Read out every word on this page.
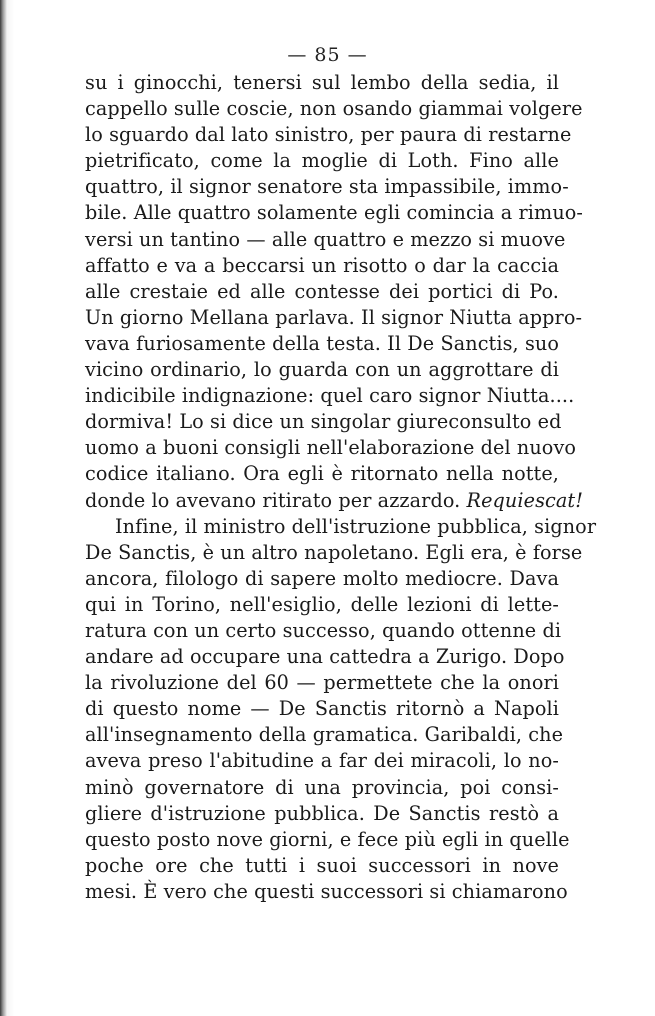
— 85 —
su i ginocchi, tenersi sul lembo della sedia, il
cappello sulle coscie, non osando giammai volgere
lo sguardo dal lato sinistro, per paura di restarne
pietrificato, come la moglie di Loth. Fino alle
quattro, il signor senatore sta impassibile, immo-
bile. Alle quattro solamente egli comincia a rimuo-
versi un tantino — alle quattro e mezzo si muove
affatto e va a beccarsi un risotto o dar la caccia
alle crestaie ed alle contesse dei portici di Po.
Un giorno Mellana parlava. Il signor Niutta appro-
vava furiosamente della testa. Il De Sanctis, suo
vicino ordinario, lo guarda con un aggrottare di
indicibile indignazione: quel caro signor Niutta....
dormiva! Lo si dice un singolar giureconsulto ed
uomo a buoni consigli nell'elaborazione del nuovo
codice italiano. Ora egli è ritornato nella notte,
donde lo avevano ritirato per azzardo. Requiescat!
Infine, il ministro dell'istruzione pubblica, signor
De Sanctis, è un altro napoletano. Egli era, è forse
ancora, filologo di sapere molto mediocre. Dava
qui in Torino, nell'esiglio, delle lezioni di lette-
ratura con un certo successo, quando ottenne di
andare ad occupare una cattedra a Zurigo. Dopo
la rivoluzione del 60 — permettete che la onori
di questo nome — De Sanctis ritornò a Napoli
all'insegnamento della gramatica. Garibaldi, che
aveva preso l'abitudine a far dei miracoli, lo no-
minò governatore di una provincia, poi consi-
gliere d'istruzione pubblica. De Sanctis restò a
questo posto nove giorni, e fece più egli in quelle
poche ore che tutti i suoi successori in nove
mesi. È vero che questi successori si chiamarono
